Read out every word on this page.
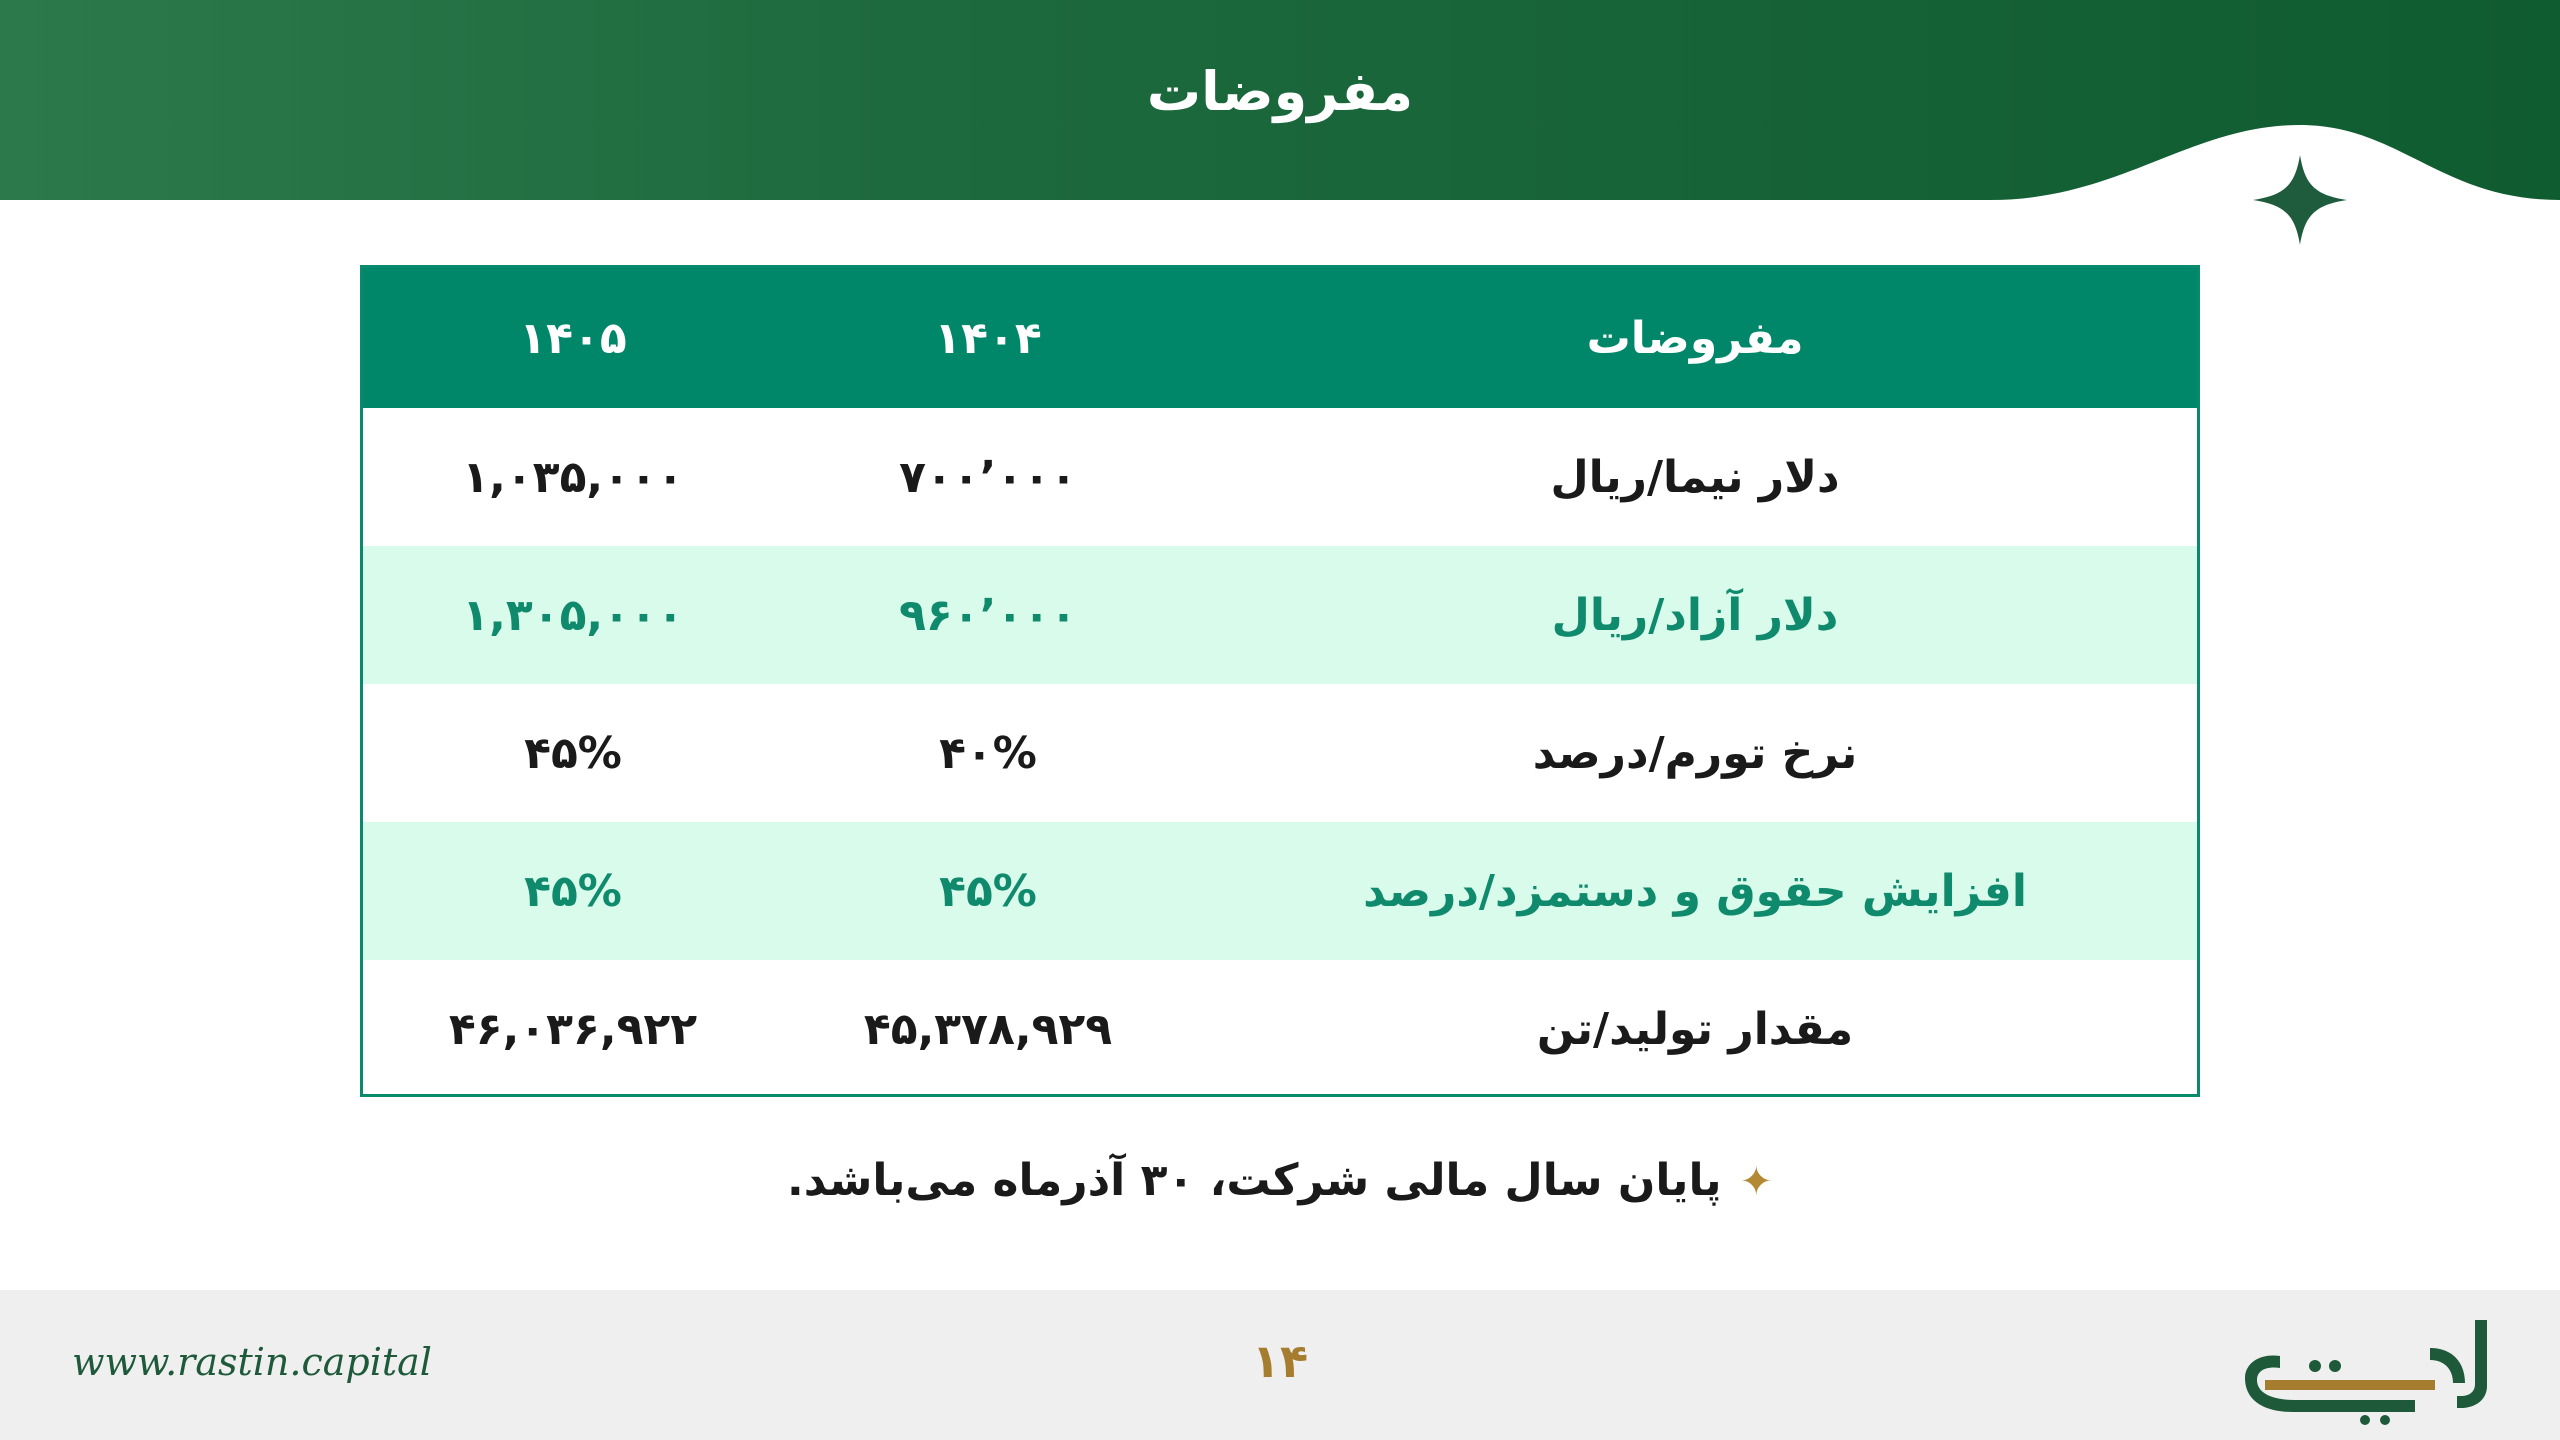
مفروضات
۱۴۰۵	۱۴۰۴	مفروضات
۱,۰۳۵,۰۰۰	۷۰۰٬۰۰۰	دلار نیما/ریال
۱,۳۰۵,۰۰۰	۹۶۰٬۰۰۰	دلار آزاد/ریال
۴۵%	۴۰%	نرخ تورم/درصد
۴۵%	۴۵%	افزایش حقوق و دستمزد/درصد
۴۶,۰۳۶,۹۲۲	۴۵,۳۷۸,۹۲۹	مقدار تولید/تن
✦پایان سال مالی شرکت، ۳۰ آذرماه می‌باشد.
www.rastin.capital	۱۴
